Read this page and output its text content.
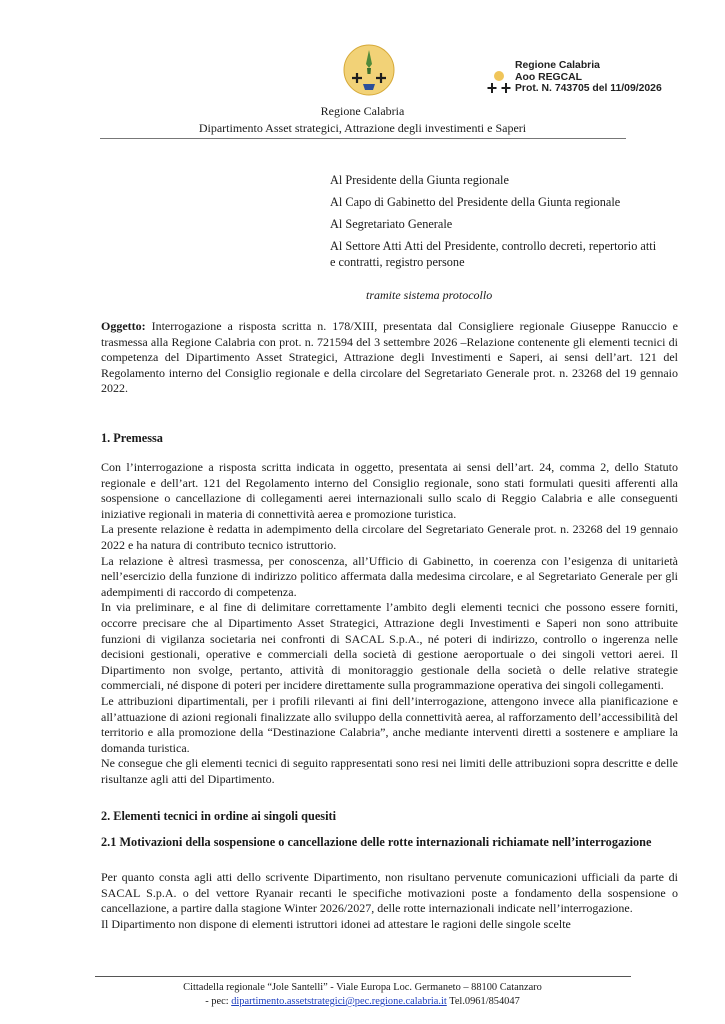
Regione Calabria
Aoo REGCAL
Prot. N. 743705 del 11/09/2026
Regione Calabria
Dipartimento Asset strategici, Attrazione degli investimenti e Saperi
Al Presidente della Giunta regionale
Al Capo di Gabinetto del Presidente della Giunta regionale
Al Segretariato Generale
Al Settore Atti Atti del Presidente, controllo decreti, repertorio atti e contratti, registro persone
tramite sistema protocollo

Oggetto: Interrogazione a risposta scritta n. 178/XIII, presentata dal Consigliere regionale Giuseppe Ranuccio e trasmessa alla Regione Calabria con prot. n. 721594 del 3 settembre 2026 –Relazione contenente gli elementi tecnici di competenza del Dipartimento Asset Strategici, Attrazione degli Investimenti e Saperi, ai sensi dell’art. 121 del Regolamento interno del Consiglio regionale e della circolare del Segretariato Generale prot. n. 23268 del 19 gennaio 2022.

1. Premessa

Con l’interrogazione a risposta scritta indicata in oggetto, presentata ai sensi dell’art. 24, comma 2, dello Statuto regionale e dell’art. 121 del Regolamento interno del Consiglio regionale, sono stati formulati quesiti afferenti alla sospensione o cancellazione di collegamenti aerei internazionali sullo scalo di Reggio Calabria e alle conseguenti iniziative regionali in materia di connettività aerea e promozione turistica.

La presente relazione è redatta in adempimento della circolare del Segretariato Generale prot. n. 23268 del 19 gennaio 2022 e ha natura di contributo tecnico istruttorio.

La relazione è altresì trasmessa, per conoscenza, all’Ufficio di Gabinetto, in coerenza con l’esigenza di unitarietà nell’esercizio della funzione di indirizzo politico affermata dalla medesima circolare, e al Segretariato Generale per gli adempimenti di raccordo di competenza.

In via preliminare, e al fine di delimitare correttamente l’ambito degli elementi tecnici che possono essere forniti, occorre precisare che al Dipartimento Asset Strategici, Attrazione degli Investimenti e Saperi non sono attribuite funzioni di vigilanza societaria nei confronti di SACAL S.p.A., né poteri di indirizzo, controllo o ingerenza nelle decisioni gestionali, operative e commerciali della società di gestione aeroportuale o dei singoli vettori aerei. Il Dipartimento non svolge, pertanto, attività di monitoraggio gestionale della società o delle relative strategie commerciali, né dispone di poteri per incidere direttamente sulla programmazione operativa dei singoli collegamenti.

Le attribuzioni dipartimentali, per i profili rilevanti ai fini dell’interrogazione, attengono invece alla pianificazione e all’attuazione di azioni regionali finalizzate allo sviluppo della connettività aerea, al rafforzamento dell’accessibilità del territorio e alla promozione della “Destinazione Calabria”, anche mediante interventi diretti a sostenere e ampliare la domanda turistica.

Ne consegue che gli elementi tecnici di seguito rappresentati sono resi nei limiti delle attribuzioni sopra descritte e delle risultanze agli atti del Dipartimento.

2. Elementi tecnici in ordine ai singoli quesiti
2.1 Motivazioni della sospensione o cancellazione delle rotte internazionali richiamate nell’interrogazione

Per quanto consta agli atti dello scrivente Dipartimento, non risultano pervenute comunicazioni ufficiali da parte di SACAL S.p.A. o del vettore Ryanair recanti le specifiche motivazioni poste a fondamento della sospensione o cancellazione, a partire dalla stagione Winter 2026/2027, delle rotte internazionali indicate nell’interrogazione.

Il Dipartimento non dispone di elementi istruttori idonei ad attestare le ragioni delle singole scelte

Cittadella regionale “Jole Santelli” - Viale Europa Loc. Germaneto – 88100 Catanzaro
- pec: dipartimento.assetstrategici@pec.regione.calabria.it Tel.0961/854047
